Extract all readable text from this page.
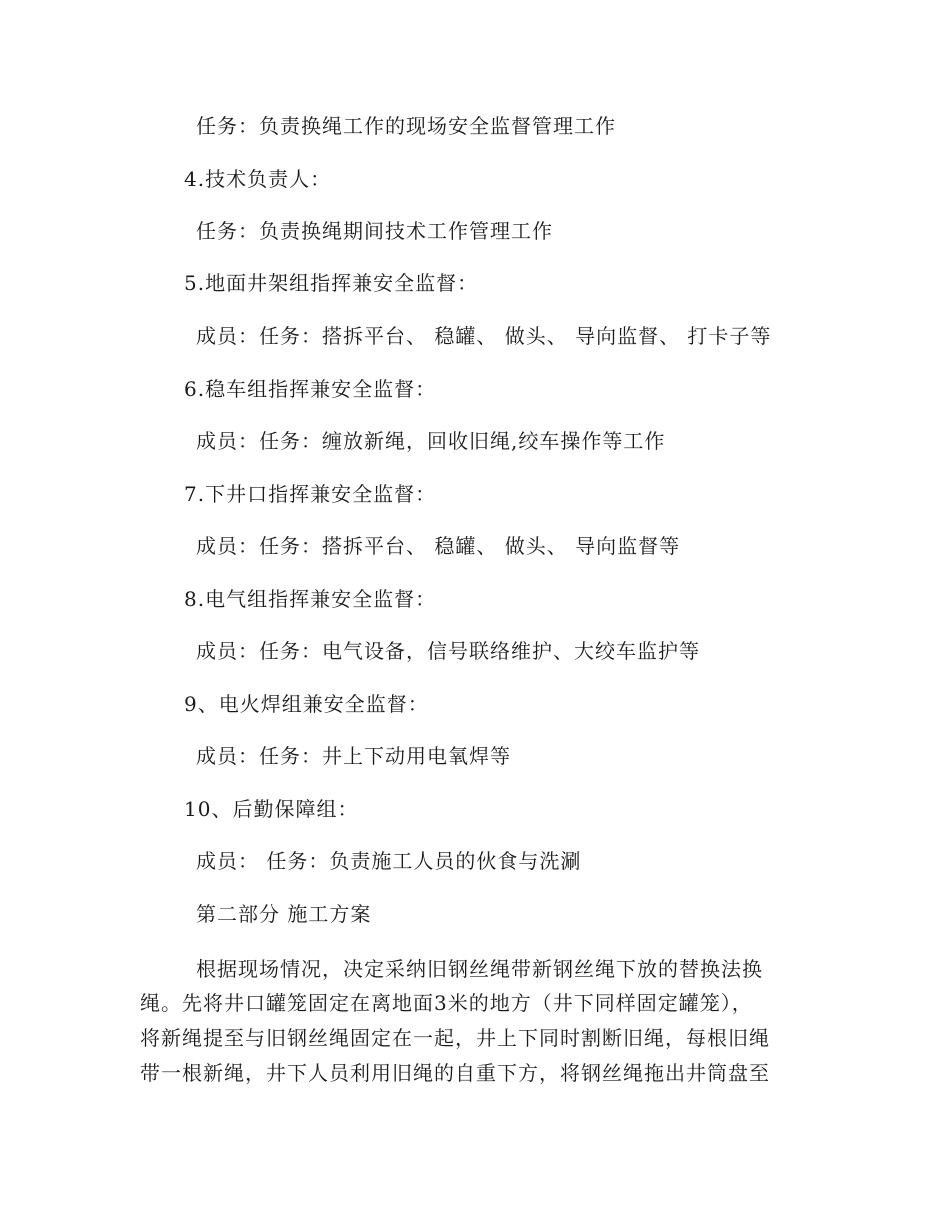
任务：负责换绳工作的现场安全监督管理工作
4.技术负责人：
任务：负责换绳期间技术工作管理工作
5.地面井架组指挥兼安全监督：
成员：任务：搭拆平台、 稳罐、 做头、 导向监督、 打卡子等
6.稳车组指挥兼安全监督：
成员：任务：缠放新绳，回收旧绳,绞车操作等工作
7.下井口指挥兼安全监督：
成员：任务：搭拆平台、 稳罐、 做头、 导向监督等
8.电气组指挥兼安全监督：
成员：任务：电气设备，信号联络维护、大绞车监护等
9、电火焊组兼安全监督：
成员：任务：井上下动用电氧焊等
10、后勤保障组：
成员： 任务：负责施工人员的伙食与洗涮
第二部分 施工方案
根据现场情况，决定采纳旧钢丝绳带新钢丝绳下放的替换法换
绳。先将井口罐笼固定在离地面3米的地方（井下同样固定罐笼），
将新绳提至与旧钢丝绳固定在一起，井上下同时割断旧绳，每根旧绳
带一根新绳，井下人员利用旧绳的自重下方，将钢丝绳拖出井筒盘至
